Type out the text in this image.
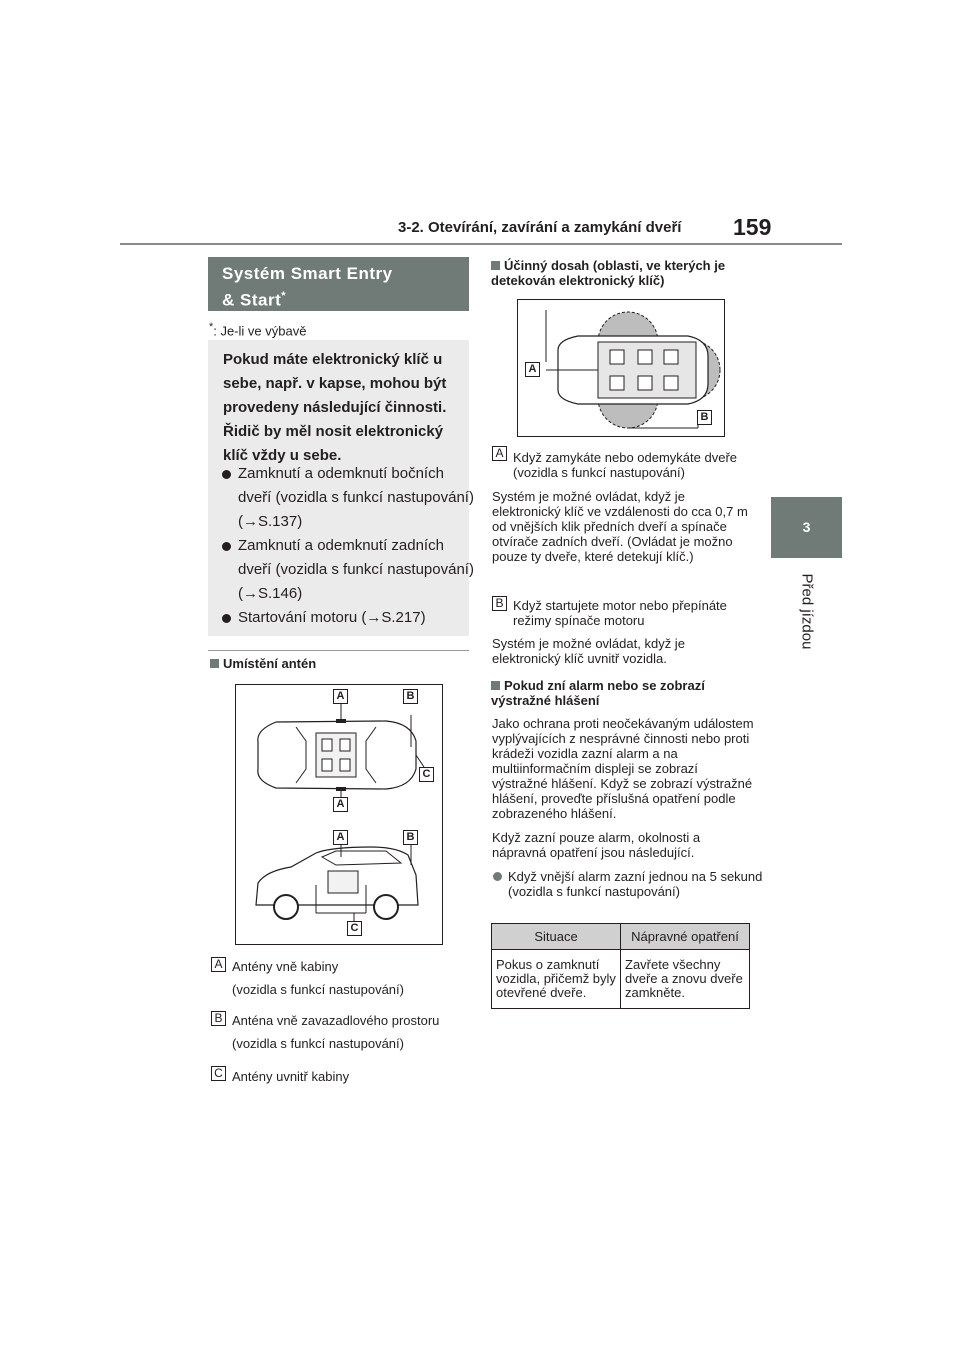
3-2. Otevírání, zavírání a zamykání dveří 159
3
Před jízdou
Systém Smart Entry
& Start*
*: Je-li ve výbavě
Pokud máte elektronický klíč u sebe, např. v kapse, mohou být provedeny následující činnosti. Řidič by měl nosit elektronický klíč vždy u sebe.
Zamknutí a odemknutí bočních dveří (vozidla s funkcí nastupování) (→S.137)
Zamknutí a odemknutí zadních dveří (vozidla s funkcí nastupování) (→S.146)
Startování motoru (→S.217)
Umístění antén
A	B
C
A
A	B
C
A Antény vně kabiny
(vozidla s funkcí nastupování)
B Anténa vně zavazadlového prostoru
(vozidla s funkcí nastupování)
C Antény uvnitř kabiny
Účinný dosah (oblasti, ve kterých je detekován elektronický klíč)
A
B
A Když zamykáte nebo odemykáte dveře (vozidla s funkcí nastupování)
Systém je možné ovládat, když je elektronický klíč ve vzdálenosti do cca 0,7 m od vnějších klik předních dveří a spínače otvírače zadních dveří. (Ovládat je možno pouze ty dveře, které detekují klíč.)
B Když startujete motor nebo přepínáte režimy spínače motoru
Systém je možné ovládat, když je elektronický klíč uvnitř vozidla.
Pokud zní alarm nebo se zobrazí výstražné hlášení
Jako ochrana proti neočekávaným událostem vyplývajících z nesprávné činnosti nebo proti krádeži vozidla zazní alarm a na multiinformačním displeji se zobrazí výstražné hlášení. Když se zobrazí výstražné hlášení, proveďte příslušná opatření podle zobrazeného hlášení.
Když zazní pouze alarm, okolnosti a nápravná opatření jsou následující.
Když vnější alarm zazní jednou na 5 sekund (vozidla s funkcí nastupování)
Situace	Nápravné opatření
Pokus o zamknutí vozidla, přičemž byly otevřené dveře.	Zavřete všechny dveře a znovu dveře zamkněte.
